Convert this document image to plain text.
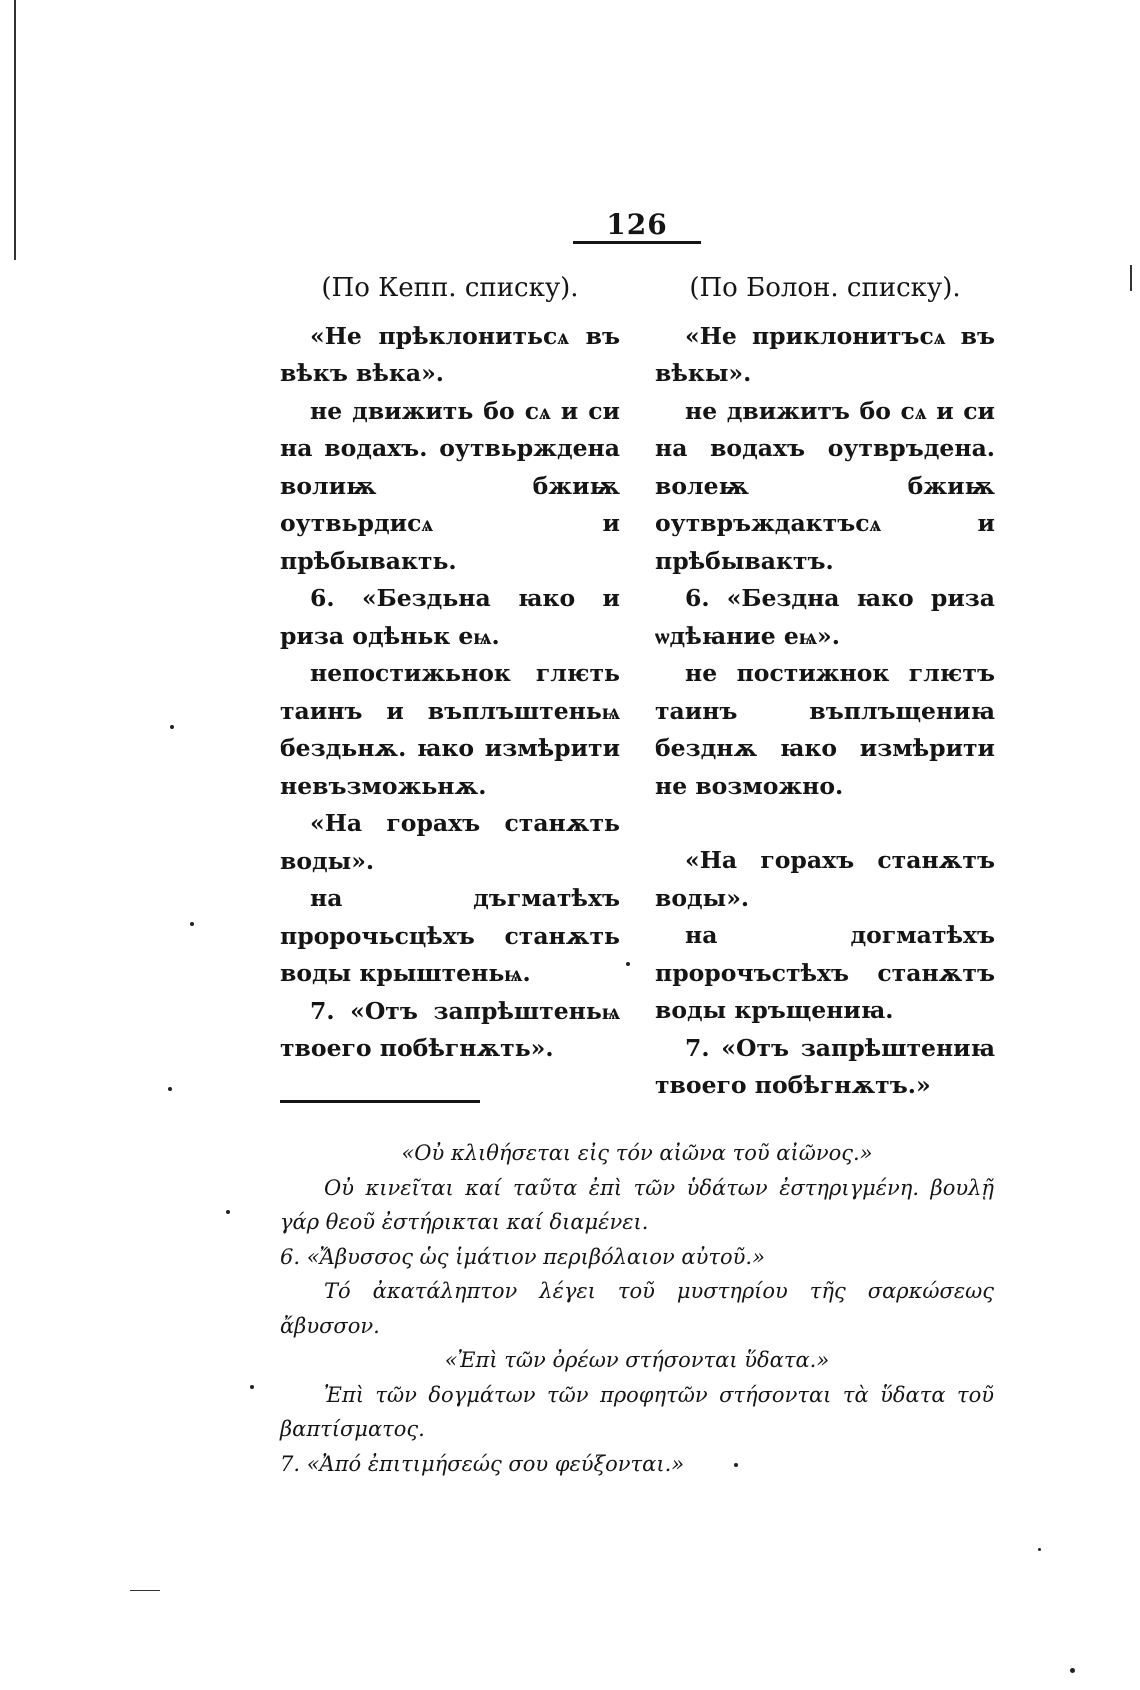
126
(По Кепп. списку).

«Не прѣклонитьсѧ въ вѣкъ вѣка».

не движить бо сѧ и си на водахъ. оутвьрждена волиѭ бжиѭ оутвьрдисѧ и прѣбывакть.

6. «Бездьна ꙗко и риза одѣньк еѩ.

непостижьнок глѥть таинъ и въплъштеньѩ бездьнѫ. ꙗко измѣрити невъзможьнѫ.

«На горахъ станѫть воды».

на дъгматѣхъ пророчьсцѣхъ станѫть воды крыштеньѩ.

7. «Отъ запрѣштеньѩ твоего побѣгнѫть».

(По Болон. списку).

«Не приклонитъсѧ въ вѣкы».

не движитъ бо сѧ и си на водахъ оутвръдена. волеѭ бжиѭ оутвръждактъсѧ и прѣбывактъ.

6. «Бездна ꙗко риза ѡдѣꙗние еѩ».

не постижнок глѥтъ таинъ въплъщениꙗ безднѫ ꙗко измѣрити не возможно.

«На горахъ станѫтъ воды».

на догматѣхъ пророчъстѣхъ станѫтъ воды кръщениꙗ.

7. «Отъ запрѣштениꙗ твоего побѣгнѫтъ.»

«Οὐ κλιθήσεται εἰς τόν αἰῶνα τοῦ αἰῶνος.»

Οὐ κινεῖται καί ταῦτα ἐπὶ τῶν ὑδάτων ἐστηριγμένη. βουλῇ γάρ θεοῦ ἐστήρικται καί διαμένει.

6. «Ἄβυσσος ὡς ἱμάτιον περιβόλαιον αὐτοῦ.»

Τό ἀκατάληπτον λέγει τοῦ μυστηρίου τῆς σαρκώσεως ἄβυσσον.

«Ἐπὶ τῶν ὀρέων στήσονται ὕδατα.»

Ἐπὶ τῶν δογμάτων τῶν προφητῶν στήσονται τὰ ὕδατα τοῦ βαπτίσματος.

7. «Ἀπό ἐπιτιμήσεώς σου φεύξονται.»
